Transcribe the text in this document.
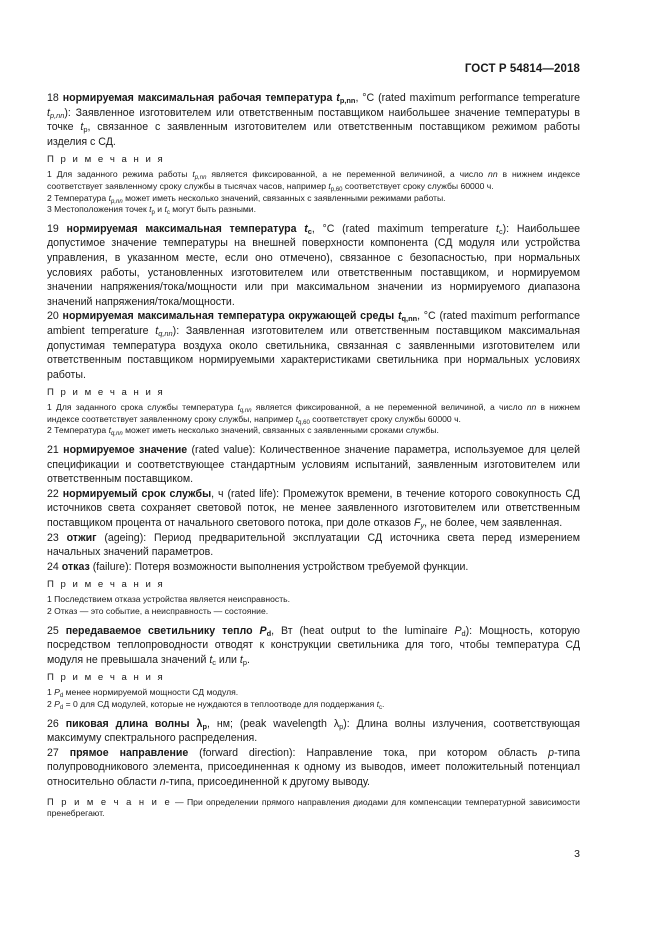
ГОСТ Р 54814—2018

18 нормируемая максимальная рабочая температура $t_{p,nn}$, °C (rated maximum performance temperature $t_{p,nn}$): Заявленное изготовителем или ответственным поставщиком наибольшее значение температуры в точке $t_p$, связанное с заявленным изготовителем или ответственным поставщиком режимом работы изделия с СД.

П р и м е ч а н и я

1 Для заданного режима работы $t_{p,nn}$ является фиксированной, а не переменной величиной, а число nn в нижнем индексе соответствует заявленному сроку службы в тысячах часов, например $t_{p,60}$ соответствует сроку службы 60000 ч.

2 Температура $t_{p,nn}$ может иметь несколько значений, связанных с заявленными режимами работы.

3 Местоположения точек $t_p$ и $t_c$ могут быть разными.

19 нормируемая максимальная температура $t_c$, °C (rated maximum temperature $t_c$): Наибольшее допустимое значение температуры на внешней поверхности компонента (СД модуля или устройства управления, в указанном месте, если оно отмечено), связанное с безопасностью, при нормальных условиях работы, установленных изготовителем или ответственным поставщиком, и нормируемом значении напряжения/тока/мощности или при максимальном значении из нормируемого диапазона значений напряжения/тока/мощности.

20 нормируемая максимальная температура окружающей среды $t_{q,nn}$, °C (rated maximum performance ambient temperature $t_{q,nn}$): Заявленная изготовителем или ответственным поставщиком максимальная допустимая температура воздуха около светильника, связанная с заявленными изготовителем или ответственным поставщиком нормируемыми характеристиками светильника при нормальных условиях работы.

П р и м е ч а н и я

1 Для заданного срока службы температура $t_{q,nn}$ является фиксированной, а не переменной величиной, а число nn в нижнем индексе соответствует заявленному сроку службы, например $t_{q,60}$ соответствует сроку службы 60000 ч.

2 Температура $t_{q,nn}$ может иметь несколько значений, связанных с заявленными сроками службы.

21 нормируемое значение (rated value): Количественное значение параметра, используемое для целей спецификации и соответствующее стандартным условиям испытаний, заявленным изготовителем или ответственным поставщиком.

22 нормируемый срок службы, ч (rated life): Промежуток времени, в течение которого совокупность СД источников света сохраняет световой поток, не менее заявленного изготовителем или ответственным поставщиком процента от начального светового потока, при доле отказов $F_y$, не более, чем заявленная.

23 отжиг (ageing): Период предварительной эксплуатации СД источника света перед измерением начальных значений параметров.

24 отказ (failure): Потеря возможности выполнения устройством требуемой функции.

П р и м е ч а н и я

1 Последствием отказа устройства является неисправность.

2 Отказ — это событие, а неисправность — состояние.

25 передаваемое светильнику тепло $P_d$, Вт (heat output to the luminaire $P_d$): Мощность, которую посредством теплопроводности отводят к конструкции светильника для того, чтобы температура СД модуля не превышала значений $t_c$ или $t_p$.

П р и м е ч а н и я

1 $P_d$ менее нормируемой мощности СД модуля.

2 $P_d = 0$ для СД модулей, которые не нуждаются в теплоотводе для поддержания $t_c$.

26 пиковая длина волны $\lambda_p$, нм; (peak wavelength $\lambda_p$): Длина волны излучения, соответствующая максимуму спектрального распределения.

27 прямое направление (forward direction): Направление тока, при котором область p-типа полупроводникового элемента, присоединенная к одному из выводов, имеет положительный потенциал относительно области n-типа, присоединенной к другому выводу.

П р и м е ч а н и е — При определении прямого направления диодами для компенсации температурной зависимости пренебрегают.

3
